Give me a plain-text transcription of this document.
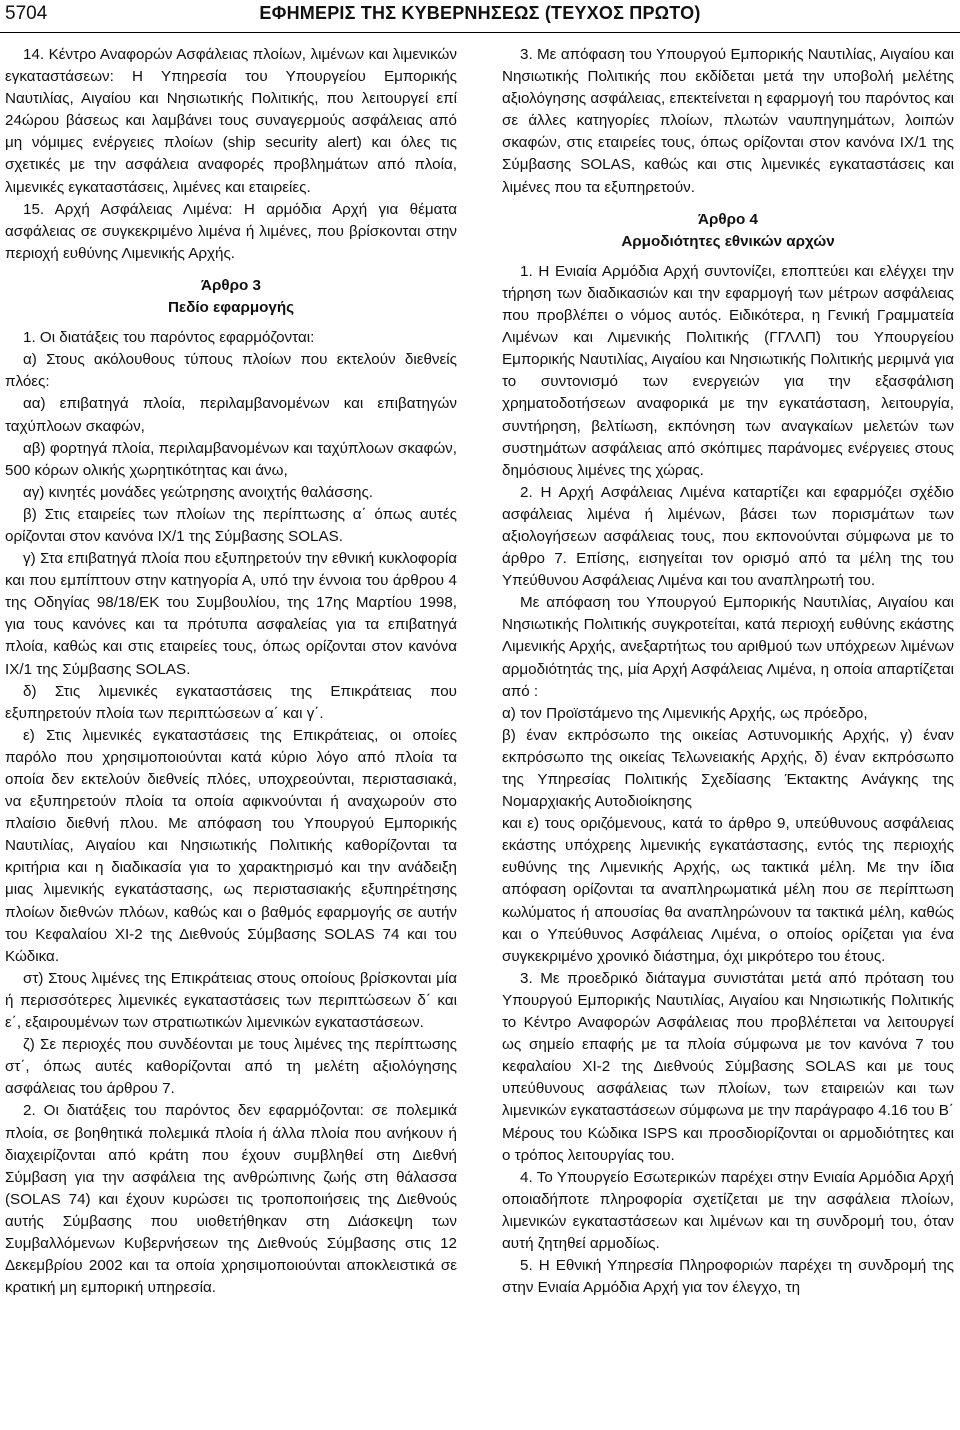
5704	ΕΦΗΜΕΡΙΣ ΤΗΣ ΚΥΒΕΡΝΗΣΕΩΣ (ΤΕΥΧΟΣ ΠΡΩΤΟ)

14. Κέντρο Αναφορών Ασφάλειας πλοίων, λιμένων και λιμενικών εγκαταστάσεων: Η Υπηρεσία του Υπουργείου Εμπορικής Ναυτιλίας, Αιγαίου και Νησιωτικής Πολιτικής, που λειτουργεί επί 24ώρου βάσεως και λαμβάνει τους συναγερμούς ασφάλειας από μη νόμιμες ενέργειες πλοίων (ship security alert) και όλες τις σχετικές με την ασφάλεια αναφορές προβλημάτων από πλοία, λιμενικές εγκαταστάσεις, λιμένες και εταιρείες.

15. Αρχή Ασφάλειας Λιμένα: Η αρμόδια Αρχή για θέματα ασφάλειας σε συγκεκριμένο λιμένα ή λιμένες, που βρίσκονται στην περιοχή ευθύνης Λιμενικής Αρχής.

Άρθρο 3
Πεδίο εφαρμογής

1. Οι διατάξεις του παρόντος εφαρμόζονται:

α) Στους ακόλουθους τύπους πλοίων που εκτελούν διεθνείς πλόες:

αα) επιβατηγά πλοία, περιλαμβανομένων και επιβατηγών ταχύπλοων σκαφών,

αβ) φορτηγά πλοία, περιλαμβανομένων και ταχύπλοων σκαφών, 500 κόρων ολικής χωρητικότητας και άνω,

αγ) κινητές μονάδες γεώτρησης ανοιχτής θαλάσσης.

β) Στις εταιρείες των πλοίων της περίπτωσης α΄ όπως αυτές ορίζονται στον κανόνα IX/1 της Σύμβασης SOLAS.

γ) Στα επιβατηγά πλοία που εξυπηρετούν την εθνική κυκλοφορία και που εμπίπτουν στην κατηγορία Α, υπό την έννοια του άρθρου 4 της Οδηγίας 98/18/ΕΚ του Συμβουλίου, της 17ης Μαρτίου 1998, για τους κανόνες και τα πρότυπα ασφαλείας για τα επιβατηγά πλοία, καθώς και στις εταιρείες τους, όπως ορίζονται στον κανόνα IX/1 της Σύμβασης SOLAS.

δ) Στις λιμενικές εγκαταστάσεις της Επικράτειας που εξυπηρετούν πλοία των περιπτώσεων α΄ και γ΄.

ε) Στις λιμενικές εγκαταστάσεις της Επικράτειας, οι οποίες παρόλο που χρησιμοποιούνται κατά κύριο λόγο από πλοία τα οποία δεν εκτελούν διεθνείς πλόες, υποχρεούνται, περιστασιακά, να εξυπηρετούν πλοία τα οποία αφικνούνται ή αναχωρούν στο πλαίσιο διεθνή πλου. Με απόφαση του Υπουργού Εμπορικής Ναυτιλίας, Αιγαίου και Νησιωτικής Πολιτικής καθορίζονται τα κριτήρια και η διαδικασία για το χαρακτηρισμό και την ανάδειξη μιας λιμενικής εγκατάστασης, ως περιστασιακής εξυπηρέτησης πλοίων διεθνών πλόων, καθώς και ο βαθμός εφαρμογής σε αυτήν του Κεφαλαίου XI-2 της Διεθνούς Σύμβασης SOLAS 74 και του Κώδικα.

στ) Στους λιμένες της Επικράτειας στους οποίους βρίσκονται μία ή περισσότερες λιμενικές εγκαταστάσεις των περιπτώσεων δ΄ και ε΄, εξαιρουμένων των στρατιωτικών λιμενικών εγκαταστάσεων.

ζ) Σε περιοχές που συνδέονται με τους λιμένες της περίπτωσης στ΄, όπως αυτές καθορίζονται από τη μελέτη αξιολόγησης ασφάλειας του άρθρου 7.

2. Οι διατάξεις του παρόντος δεν εφαρμόζονται: σε πολεμικά πλοία, σε βοηθητικά πολεμικά πλοία ή άλλα πλοία που ανήκουν ή διαχειρίζονται από κράτη που έχουν συμβληθεί στη Διεθνή Σύμβαση για την ασφάλεια της ανθρώπινης ζωής στη θάλασσα (SOLAS 74) και έχουν κυρώσει τις τροποποιήσεις της Διεθνούς αυτής Σύμβασης που υιοθετήθηκαν στη Διάσκεψη των Συμβαλλόμενων Κυβερνήσεων της Διεθνούς Σύμβασης στις 12 Δεκεμβρίου 2002 και τα οποία χρησιμοποιούνται αποκλειστικά σε κρατική μη εμπορική υπηρεσία.

3. Με απόφαση του Υπουργού Εμπορικής Ναυτιλίας, Αιγαίου και Νησιωτικής Πολιτικής που εκδίδεται μετά την υποβολή μελέτης αξιολόγησης ασφάλειας, επεκτείνεται η εφαρμογή του παρόντος και σε άλλες κατηγορίες πλοίων, πλωτών ναυπηγημάτων, λοιπών σκαφών, στις εταιρείες τους, όπως ορίζονται στον κανόνα IX/1 της Σύμβασης SOLAS, καθώς και στις λιμενικές εγκαταστάσεις και λιμένες που τα εξυπηρετούν.

Άρθρο 4
Αρμοδιότητες εθνικών αρχών

1. Η Ενιαία Αρμόδια Αρχή συντονίζει, εποπτεύει και ελέγχει την τήρηση των διαδικασιών και την εφαρμογή των μέτρων ασφάλειας που προβλέπει ο νόμος αυτός. Ειδικότερα, η Γενική Γραμματεία Λιμένων και Λιμενικής Πολιτικής (ΓΓΛΛΠ) του Υπουργείου Εμπορικής Ναυτιλίας, Αιγαίου και Νησιωτικής Πολιτικής μεριμνά για το συντονισμό των ενεργειών για την εξασφάλιση χρηματοδοτήσεων αναφορικά με την εγκατάσταση, λειτουργία, συντήρηση, βελτίωση, εκπόνηση των αναγκαίων μελετών των συστημάτων ασφάλειας από σκόπιμες παράνομες ενέργειες στους δημόσιους λιμένες της χώρας.

2. Η Αρχή Ασφάλειας Λιμένα καταρτίζει και εφαρμόζει σχέδιο ασφάλειας λιμένα ή λιμένων, βάσει των πορισμάτων των αξιολογήσεων ασφάλειας τους, που εκπονούνται σύμφωνα με το άρθρο 7. Επίσης, εισηγείται τον ορισμό από τα μέλη της του Υπεύθυνου Ασφάλειας Λιμένα και του αναπληρωτή του.

Με απόφαση του Υπουργού Εμπορικής Ναυτιλίας, Αιγαίου και Νησιωτικής Πολιτικής συγκροτείται, κατά περιοχή ευθύνης εκάστης Λιμενικής Αρχής, ανεξαρτήτως του αριθμού των υπόχρεων λιμένων αρμοδιότητάς της, μία Αρχή Ασφάλειας Λιμένα, η οποία απαρτίζεται από :

α) τον Προϊστάμενο της Λιμενικής Αρχής, ως πρόεδρο,

β) έναν εκπρόσωπο της οικείας Αστυνομικής Αρχής, γ) έναν εκπρόσωπο της οικείας Τελωνειακής Αρχής, δ) έναν εκπρόσωπο της Υπηρεσίας Πολιτικής Σχεδίασης Έκτακτης Ανάγκης της Νομαρχιακής Αυτοδιοίκησης

και ε) τους οριζόμενους, κατά το άρθρο 9, υπεύθυνους ασφάλειας εκάστης υπόχρεης λιμενικής εγκατάστασης, εντός της περιοχής ευθύνης της Λιμενικής Αρχής, ως τακτικά μέλη. Με την ίδια απόφαση ορίζονται τα αναπληρωματικά μέλη που σε περίπτωση κωλύματος ή απουσίας θα αναπληρώνουν τα τακτικά μέλη, καθώς και ο Υπεύθυνος Ασφάλειας Λιμένα, ο οποίος ορίζεται για ένα συγκεκριμένο χρονικό διάστημα, όχι μικρότερο του έτους.

3. Με προεδρικό διάταγμα συνιστάται μετά από πρόταση του Υπουργού Εμπορικής Ναυτιλίας, Αιγαίου και Νησιωτικής Πολιτικής το Κέντρο Αναφορών Ασφάλειας που προβλέπεται να λειτουργεί ως σημείο επαφής με τα πλοία σύμφωνα με τον κανόνα 7 του κεφαλαίου XI-2 της Διεθνούς Σύμβασης SOLAS και με τους υπεύθυνους ασφάλειας των πλοίων, των εταιρειών και των λιμενικών εγκαταστάσεων σύμφωνα με την παράγραφο 4.16 του Β΄ Μέρους του Κώδικα ISPS και προσδιορίζονται οι αρμοδιότητες και ο τρόπος λειτουργίας του.

4. Το Υπουργείο Εσωτερικών παρέχει στην Ενιαία Αρμόδια Αρχή οποιαδήποτε πληροφορία σχετίζεται με την ασφάλεια πλοίων, λιμενικών εγκαταστάσεων και λιμένων και τη συνδρομή του, όταν αυτή ζητηθεί αρμοδίως.

5. Η Εθνική Υπηρεσία Πληροφοριών παρέχει τη συνδρομή της στην Ενιαία Αρμόδια Αρχή για τον έλεγχο, τη
